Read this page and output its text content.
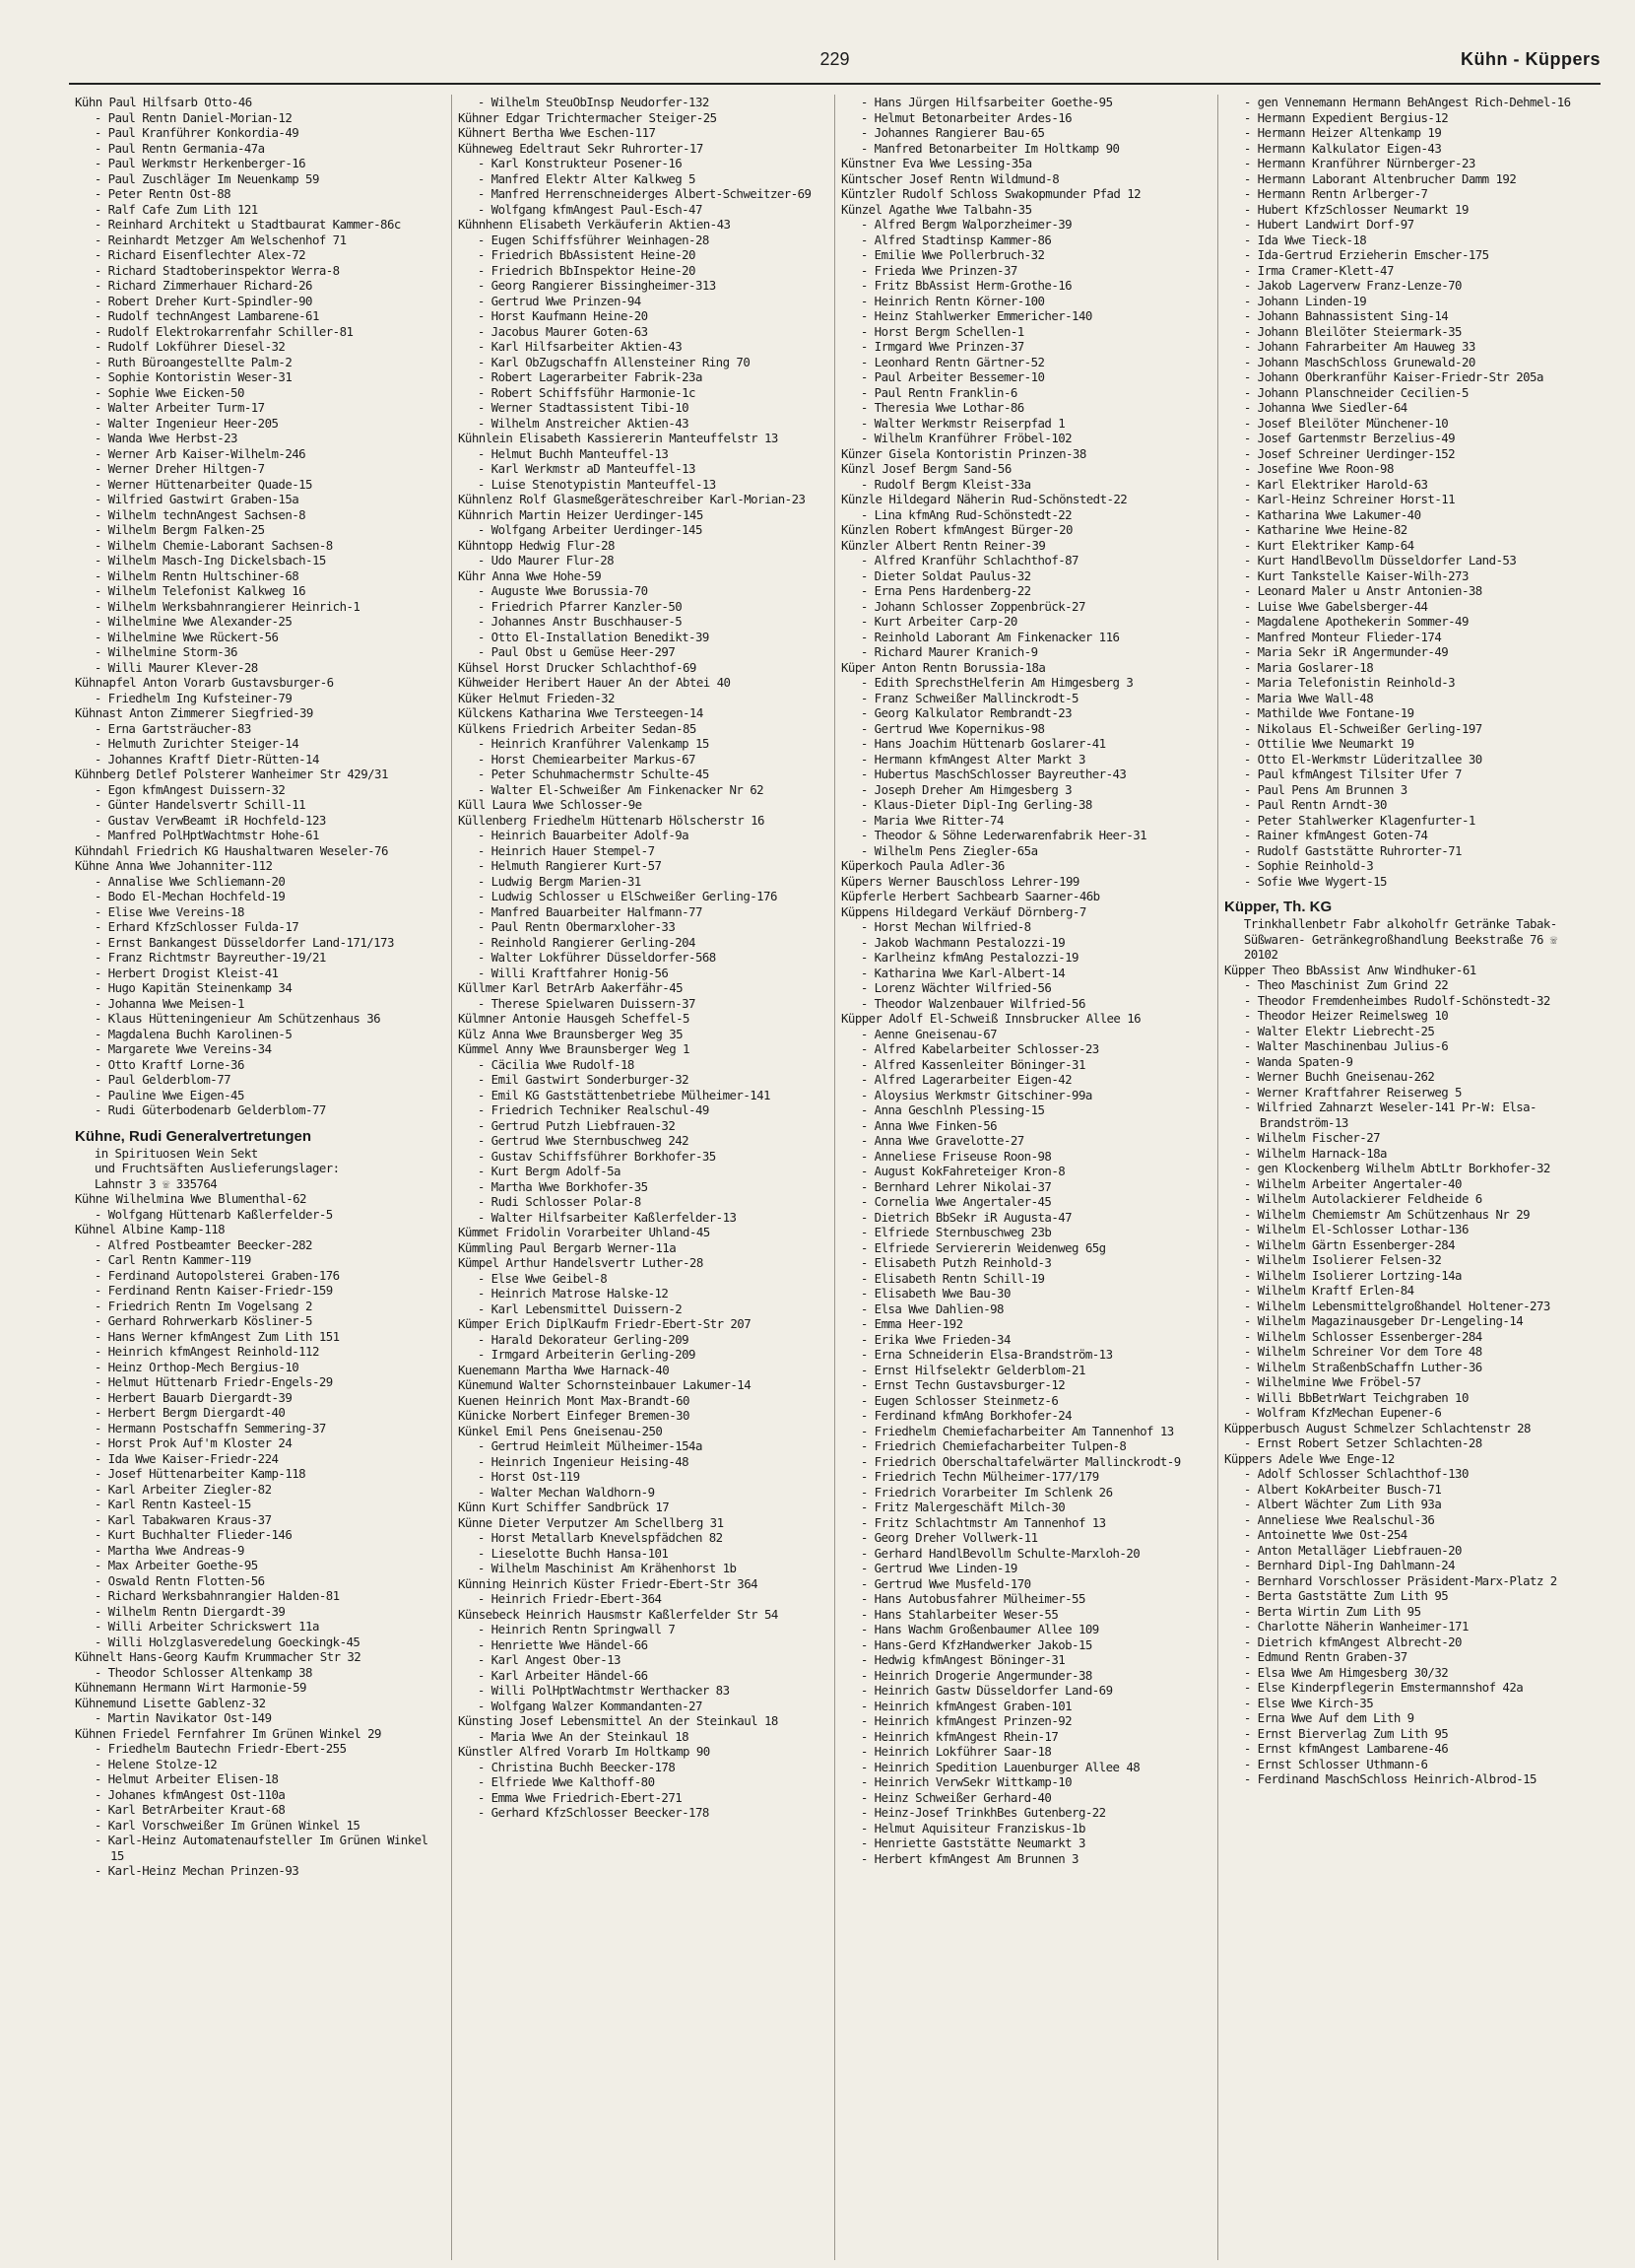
229	Kühn - Küppers
Kühn Paul Hilfsarb Otto-46
- Paul Rentn Daniel-Morian-12
- Paul Kranführer Konkordia-49
- Paul Rentn Germania-47a
- Paul Werkmstr Herkenberger-16
- Paul Zuschläger Im Neuenkamp 59
- Peter Rentn Ost-88
- Ralf Cafe Zum Lith 121
- Reinhard Architekt u Stadtbaurat Kammer-86c
- Reinhardt Metzger Am Welschenhof 71
- Richard Eisenflechter Alex-72
- Richard Stadtoberinspektor Werra-8
- Richard Zimmerhauer Richard-26
- Robert Dreher Kurt-Spindler-90
- Rudolf technAngest Lambarene-61
- Rudolf Elektrokarrenfahr Schiller-81
- Rudolf Lokführer Diesel-32
- Ruth Büroangestellte Palm-2
- Sophie Kontoristin Weser-31
- Sophie Wwe Eicken-50
- Walter Arbeiter Turm-17
- Walter Ingenieur Heer-205
- Wanda Wwe Herbst-23
- Werner Arb Kaiser-Wilhelm-246
- Werner Dreher Hiltgen-7
- Werner Hüttenarbeiter Quade-15
- Wilfried Gastwirt Graben-15a
- Wilhelm technAngest Sachsen-8
- Wilhelm Bergm Falken-25
- Wilhelm Chemie-Laborant Sachsen-8
- Wilhelm Masch-Ing Dickelsbach-15
- Wilhelm Rentn Hultschiner-68
- Wilhelm Telefonist Kalkweg 16
- Wilhelm Werksbahnrangierer Heinrich-1
- Wilhelmine Wwe Alexander-25
- Wilhelmine Wwe Rückert-56
- Wilhelmine Storm-36
- Willi Maurer Klever-28
Kühnapfel Anton Vorarb Gustavsburger-6
- Friedhelm Ing Kufsteiner-79
Kühnast Anton Zimmerer Siegfried-39
- Erna Gartsträucher-83
- Helmuth Zurichter Steiger-14
- Johannes Kraftf Dietr-Rütten-14
Kühnberg Detlef Polsterer Wanheimer Str 429/31
- Egon kfmAngest Duissern-32
- Günter Handelsvertr Schill-11
- Gustav VerwBeamt iR Hochfeld-123
- Manfred PolHptWachtmstr Hohe-61
Kühndahl Friedrich KG Haushaltwaren Weseler-76
Kühne Anna Wwe Johanniter-112
- Annalise Wwe Schliemann-20
- Bodo El-Mechan Hochfeld-19
- Elise Wwe Vereins-18
- Erhard KfzSchlosser Fulda-17
- Ernst Bankangest Düsseldorfer Land-171/173
- Franz Richtmstr Bayreuther-19/21
- Herbert Drogist Kleist-41
- Hugo Kapitän Steinenkamp 34
- Johanna Wwe Meisen-1
- Klaus Hütteningenieur Am Schützenhaus 36
- Magdalena Buchh Karolinen-5
- Margarete Wwe Vereins-34
- Otto Kraftf Lorne-36
- Paul Gelderblom-77
- Pauline Wwe Eigen-45
- Rudi Güterbodenarb Gelderblom-77
Kühne, Rudi Generalvertretungen
in Spirituosen Wein Sekt
und Fruchtsäften Auslieferungslager:
Lahnstr 3 ☏ 335764
Kühne Wilhelmina Wwe Blumenthal-62
- Wolfgang Hüttenarb Kaßlerfelder-5
Kühnel Albine Kamp-118
- Alfred Postbeamter Beecker-282
- Carl Rentn Kammer-119
- Ferdinand Autopolsterei Graben-176
- Ferdinand Rentn Kaiser-Friedr-159
- Friedrich Rentn Im Vogelsang 2
- Gerhard Rohrwerkarb Kösliner-5
- Hans Werner kfmAngest Zum Lith 151
- Heinrich kfmAngest Reinhold-112
- Heinz Orthop-Mech Bergius-10
- Helmut Hüttenarb Friedr-Engels-29
- Herbert Bauarb Diergardt-39
- Herbert Bergm Diergardt-40
- Hermann Postschaffn Semmering-37
- Horst Prok Auf'm Kloster 24
- Ida Wwe Kaiser-Friedr-224
- Josef Hüttenarbeiter Kamp-118
- Karl Arbeiter Ziegler-82
- Karl Rentn Kasteel-15
- Karl Tabakwaren Kraus-37
- Kurt Buchhalter Flieder-146
- Martha Wwe Andreas-9
- Max Arbeiter Goethe-95
- Oswald Rentn Flotten-56
- Richard Werksbahnrangier Halden-81
- Wilhelm Rentn Diergardt-39
- Willi Arbeiter Schrickswert 11a
- Willi Holzglasveredelung Goeckingk-45
Kühnelt Hans-Georg Kaufm Krummacher Str 32
- Theodor Schlosser Altenkamp 38
Kühnemann Hermann Wirt Harmonie-59
Kühnemund Lisette Gablenz-32
- Martin Navikator Ost-149
Kühnen Friedel Fernfahrer Im Grünen Winkel 29
- Friedhelm Bautechn Friedr-Ebert-255
- Helene Stolze-12
- Helmut Arbeiter Elisen-18
- Johanes kfmAngest Ost-110a
- Karl BetrArbeiter Kraut-68
- Karl Vorschweißer Im Grünen Winkel 15
- Karl-Heinz Automatenaufsteller Im Grünen Winkel 15
- Karl-Heinz Mechan Prinzen-93
- Wilhelm SteuObInsp Neudorfer-132
Kühner Edgar Trichtermacher Steiger-25
Kühnert Bertha Wwe Eschen-117
Kühneweg Edeltraut Sekr Ruhrorter-17
- Karl Konstrukteur Posener-16
- Manfred Elektr Alter Kalkweg 5
- Manfred Herrenschneiderges Albert-Schweitzer-69
- Wolfgang kfmAngest Paul-Esch-47
Kühnhenn Elisabeth Verkäuferin Aktien-43
- Eugen Schiffsführer Weinhagen-28
- Friedrich BbAssistent Heine-20
- Friedrich BbInspektor Heine-20
- Georg Rangierer Bissingheimer-313
- Gertrud Wwe Prinzen-94
- Horst Kaufmann Heine-20
- Jacobus Maurer Goten-63
- Karl Hilfsarbeiter Aktien-43
- Karl ObZugschaffn Allensteiner Ring 70
- Robert Lagerarbeiter Fabrik-23a
- Robert Schiffsführ Harmonie-1c
- Werner Stadtassistent Tibi-10
- Wilhelm Anstreicher Aktien-43
Kühnlein Elisabeth Kassiererin Manteuffelstr 13
- Helmut Buchh Manteuffel-13
- Karl Werkmstr aD Manteuffel-13
- Luise Stenotypistin Manteuffel-13
Kühnlenz Rolf Glasmeßgeräteschreiber Karl-Morian-23
Kühnrich Martin Heizer Uerdinger-145
- Wolfgang Arbeiter Uerdinger-145
Kühntopp Hedwig Flur-28
- Udo Maurer Flur-28
Kühr Anna Wwe Hohe-59
- Auguste Wwe Borussia-70
- Friedrich Pfarrer Kanzler-50
- Johannes Anstr Buschhauser-5
- Otto El-Installation Benedikt-39
- Paul Obst u Gemüse Heer-297
Kühsel Horst Drucker Schlachthof-69
Kühweider Heribert Hauer An der Abtei 40
Küker Helmut Frieden-32
Külckens Katharina Wwe Tersteegen-14
Külkens Friedrich Arbeiter Sedan-85
- Heinrich Kranführer Valenkamp 15
- Horst Chemiearbeiter Markus-67
- Peter Schuhmachermstr Schulte-45
- Walter El-Schweißer Am Finkenacker Nr 62
Küll Laura Wwe Schlosser-9e
Küllenberg Friedhelm Hüttenarb Hölscherstr 16
- Heinrich Bauarbeiter Adolf-9a
- Heinrich Hauer Stempel-7
- Helmuth Rangierer Kurt-57
- Ludwig Bergm Marien-31
- Ludwig Schlosser u ElSchweißer Gerling-176
- Manfred Bauarbeiter Halfmann-77
- Paul Rentn Obermarxloher-33
- Reinhold Rangierer Gerling-204
- Walter Lokführer Düsseldorfer-568
- Willi Kraftfahrer Honig-56
Küllmer Karl BetrArb Aakerfähr-45
- Therese Spielwaren Duissern-37
Külmner Antonie Hausgeh Scheffel-5
Külz Anna Wwe Braunsberger Weg 35
Kümmel Anny Wwe Braunsberger Weg 1
- Cäcilia Wwe Rudolf-18
- Emil Gastwirt Sonderburger-32
- Emil KG Gaststättenbetriebe Mülheimer-141
- Friedrich Techniker Realschul-49
- Gertrud Putzh Liebfrauen-32
- Gertrud Wwe Sternbuschweg 242
- Gustav Schiffsführer Borkhofer-35
- Kurt Bergm Adolf-5a
- Martha Wwe Borkhofer-35
- Rudi Schlosser Polar-8
- Walter Hilfsarbeiter Kaßlerfelder-13
Kümmet Fridolin Vorarbeiter Uhland-45
Kümmling Paul Bergarb Werner-11a
Kümpel Arthur Handelsvertr Luther-28
- Else Wwe Geibel-8
- Heinrich Matrose Halske-12
- Karl Lebensmittel Duissern-2
Kümper Erich DiplKaufm Friedr-Ebert-Str 207
- Harald Dekorateur Gerling-209
- Irmgard Arbeiterin Gerling-209
Kuenemann Martha Wwe Harnack-40
Künemund Walter Schornsteinbauer Lakumer-14
Kuenen Heinrich Mont Max-Brandt-60
Künicke Norbert Einfeger Bremen-30
Künkel Emil Pens Gneisenau-250
- Gertrud Heimleit Mülheimer-154a
- Heinrich Ingenieur Heising-48
- Horst Ost-119
- Walter Mechan Waldhorn-9
Künn Kurt Schiffer Sandbrück 17
Künne Dieter Verputzer Am Schellberg 31
- Horst Metallarb Knevelspfädchen 82
- Lieselotte Buchh Hansa-101
- Wilhelm Maschinist Am Krähenhorst 1b
Künning Heinrich Küster Friedr-Ebert-Str 364
- Heinrich Friedr-Ebert-364
Künsebeck Heinrich Hausmstr Kaßlerfelder Str 54
- Heinrich Rentn Springwall 7
- Henriette Wwe Händel-66
- Karl Angest Ober-13
- Karl Arbeiter Händel-66
- Willi PolHptWachtmstr Werthacker 83
- Wolfgang Walzer Kommandanten-27
Künsting Josef Lebensmittel An der Steinkaul 18
- Maria Wwe An der Steinkaul 18
Künstler Alfred Vorarb Im Holtkamp 90
- Christina Buchh Beecker-178
- Elfriede Wwe Kalthoff-80
- Emma Wwe Friedrich-Ebert-271
- Gerhard KfzSchlosser Beecker-178
- Hans Jürgen Hilfsarbeiter Goethe-95
- Helmut Betonarbeiter Ardes-16
- Johannes Rangierer Bau-65
- Manfred Betonarbeiter Im Holtkamp 90
Künstner Eva Wwe Lessing-35a
Küntscher Josef Rentn Wildmund-8
Küntzler Rudolf Schloss Swakopmunder Pfad 12
Künzel Agathe Wwe Talbahn-35
- Alfred Bergm Walporzheimer-39
- Alfred Stadtinsp Kammer-86
- Emilie Wwe Pollerbruch-32
- Frieda Wwe Prinzen-37
- Fritz BbAssist Herm-Grothe-16
- Heinrich Rentn Körner-100
- Heinz Stahlwerker Emmericher-140
- Horst Bergm Schellen-1
- Irmgard Wwe Prinzen-37
- Leonhard Rentn Gärtner-52
- Paul Arbeiter Bessemer-10
- Paul Rentn Franklin-6
- Theresia Wwe Lothar-86
- Walter Werkmstr Reiserpfad 1
- Wilhelm Kranführer Fröbel-102
Künzer Gisela Kontoristin Prinzen-38
Künzl Josef Bergm Sand-56
- Rudolf Bergm Kleist-33a
Künzle Hildegard Näherin Rud-Schönstedt-22
- Lina kfmAng Rud-Schönstedt-22
Künzlen Robert kfmAngest Bürger-20
Künzler Albert Rentn Reiner-39
- Alfred Kranführ Schlachthof-87
- Dieter Soldat Paulus-32
- Erna Pens Hardenberg-22
- Johann Schlosser Zoppenbrück-27
- Kurt Arbeiter Carp-20
- Reinhold Laborant Am Finkenacker 116
- Richard Maurer Kranich-9
Küper Anton Rentn Borussia-18a
- Edith SprechstHelferin Am Himgesberg 3
- Franz Schweißer Mallinckrodt-5
- Georg Kalkulator Rembrandt-23
- Gertrud Wwe Kopernikus-98
- Hans Joachim Hüttenarb Goslarer-41
- Hermann kfmAngest Alter Markt 3
- Hubertus MaschSchlosser Bayreuther-43
- Joseph Dreher Am Himgesberg 3
- Klaus-Dieter Dipl-Ing Gerling-38
- Maria Wwe Ritter-74
- Theodor & Söhne Lederwarenfabrik Heer-31
- Wilhelm Pens Ziegler-65a
Küperkoch Paula Adler-36
Küpers Werner Bauschloss Lehrer-199
Küpferle Herbert Sachbearb Saarner-46b
Küppens Hildegard Verkäuf Dörnberg-7
- Horst Mechan Wilfried-8
- Jakob Wachmann Pestalozzi-19
- Karlheinz kfmAng Pestalozzi-19
- Katharina Wwe Karl-Albert-14
- Lorenz Wächter Wilfried-56
- Theodor Walzenbauer Wilfried-56
Küpper Adolf El-Schweiß Innsbrucker Allee 16
- Aenne Gneisenau-67
- Alfred Kabelarbeiter Schlosser-23
- Alfred Kassenleiter Böninger-31
- Alfred Lagerarbeiter Eigen-42
- Aloysius Werkmstr Gitschiner-99a
- Anna Geschlnh Plessing-15
- Anna Wwe Finken-56
- Anna Wwe Gravelotte-27
- Anneliese Friseuse Roon-98
- August KokFahreteiger Kron-8
- Bernhard Lehrer Nikolai-37
- Cornelia Wwe Angertaler-45
- Dietrich BbSekr iR Augusta-47
- Elfriede Sternbuschweg 23b
- Elfriede Serviererin Weidenweg 65g
- Elisabeth Putzh Reinhold-3
- Elisabeth Rentn Schill-19
- Elisabeth Wwe Bau-30
- Elsa Wwe Dahlien-98
- Emma Heer-192
- Erika Wwe Frieden-34
- Erna Schneiderin Elsa-Brandström-13
- Ernst Hilfselektr Gelderblom-21
- Ernst Techn Gustavsburger-12
- Eugen Schlosser Steinmetz-6
- Ferdinand kfmAng Borkhofer-24
- Friedhelm Chemiefacharbeiter Am Tannenhof 13
- Friedrich Chemiefacharbeiter Tulpen-8
- Friedrich Oberschaltafelwärter Mallinckrodt-9
- Friedrich Techn Mülheimer-177/179
- Friedrich Vorarbeiter Im Schlenk 26
- Fritz Malergeschäft Milch-30
- Fritz Schlachtmstr Am Tannenhof 13
- Georg Dreher Vollwerk-11
- Gerhard HandlBevollm Schulte-Marxloh-20
- Gertrud Wwe Linden-19
- Gertrud Wwe Musfeld-170
- Hans Autobusfahrer Mülheimer-55
- Hans Stahlarbeiter Weser-55
- Hans Wachm Großenbaumer Allee 109
- Hans-Gerd KfzHandwerker Jakob-15
- Hedwig kfmAngest Böninger-31
- Heinrich Drogerie Angermunder-38
- Heinrich Gastw Düsseldorfer Land-69
- Heinrich kfmAngest Graben-101
- Heinrich kfmAngest Prinzen-92
- Heinrich kfmAngest Rhein-17
- Heinrich Lokführer Saar-18
- Heinrich Spedition Lauenburger Allee 48
- Heinrich VerwSekr Wittkamp-10
- Heinz Schweißer Gerhard-40
- Heinz-Josef TrinkhBes Gutenberg-22
- Helmut Aquisiteur Franziskus-1b
- Henriette Gaststätte Neumarkt 3
- Herbert kfmAngest Am Brunnen 3
- gen Vennemann Hermann BehAngest Rich-Dehmel-16
- Hermann Expedient Bergius-12
- Hermann Heizer Altenkamp 19
- Hermann Kalkulator Eigen-43
- Hermann Kranführer Nürnberger-23
- Hermann Laborant Altenbrucher Damm 192
- Hermann Rentn Arlberger-7
- Hubert KfzSchlosser Neumarkt 19
- Hubert Landwirt Dorf-97
- Ida Wwe Tieck-18
- Ida-Gertrud Erzieherin Emscher-175
- Irma Cramer-Klett-47
- Jakob Lagerverw Franz-Lenze-70
- Johann Linden-19
- Johann Bahnassistent Sing-14
- Johann Bleilöter Steiermark-35
- Johann Fahrarbeiter Am Hauweg 33
- Johann MaschSchloss Grunewald-20
- Johann Oberkranführ Kaiser-Friedr-Str 205a
- Johann Planschneider Cecilien-5
- Johanna Wwe Siedler-64
- Josef Bleilöter Münchener-10
- Josef Gartenmstr Berzelius-49
- Josef Schreiner Uerdinger-152
- Josefine Wwe Roon-98
- Karl Elektriker Harold-63
- Karl-Heinz Schreiner Horst-11
- Katharina Wwe Lakumer-40
- Katharine Wwe Heine-82
- Kurt Elektriker Kamp-64
- Kurt HandlBevollm Düsseldorfer Land-53
- Kurt Tankstelle Kaiser-Wilh-273
- Leonard Maler u Anstr Antonien-38
- Luise Wwe Gabelsberger-44
- Magdalene Apothekerin Sommer-49
- Manfred Monteur Flieder-174
- Maria Sekr iR Angermunder-49
- Maria Goslarer-18
- Maria Telefonistin Reinhold-3
- Maria Wwe Wall-48
- Mathilde Wwe Fontane-19
- Nikolaus El-Schweißer Gerling-197
- Ottilie Wwe Neumarkt 19
- Otto El-Werkmstr Lüderitzallee 30
- Paul kfmAngest Tilsiter Ufer 7
- Paul Pens Am Brunnen 3
- Paul Rentn Arndt-30
- Peter Stahlwerker Klagenfurter-1
- Rainer kfmAngest Goten-74
- Rudolf Gaststätte Ruhrorter-71
- Sophie Reinhold-3
- Sofie Wwe Wygert-15
Küpper, Th. KG
Trinkhallenbetr Fabr alkoholfr Getränke Tabak- Süßwaren- Getränkegroßhandlung Beekstraße 76 ☏ 20102
Küpper Theo BbAssist Anw Windhuker-61
- Theo Maschinist Zum Grind 22
- Theodor Fremdenheimbes Rudolf-Schönstedt-32
- Theodor Heizer Reimelsweg 10
- Walter Elektr Liebrecht-25
- Walter Maschinenbau Julius-6
- Wanda Spaten-9
- Werner Buchh Gneisenau-262
- Werner Kraftfahrer Reiserweg 5
- Wilfried Zahnarzt Weseler-141 Pr-W: Elsa-Brandström-13
- Wilhelm Fischer-27
- Wilhelm Harnack-18a
- gen Klockenberg Wilhelm AbtLtr Borkhofer-32
- Wilhelm Arbeiter Angertaler-40
- Wilhelm Autolackierer Feldheide 6
- Wilhelm Chemiemstr Am Schützenhaus Nr 29
- Wilhelm El-Schlosser Lothar-136
- Wilhelm Gärtn Essenberger-284
- Wilhelm Isolierer Felsen-32
- Wilhelm Isolierer Lortzing-14a
- Wilhelm Kraftf Erlen-84
- Wilhelm Lebensmittelgroßhandel Holtener-273
- Wilhelm Magazinausgeber Dr-Lengeling-14
- Wilhelm Schlosser Essenberger-284
- Wilhelm Schreiner Vor dem Tore 48
- Wilhelm StraßenbSchaffn Luther-36
- Wilhelmine Wwe Fröbel-57
- Willi BbBetrWart Teichgraben 10
- Wolfram KfzMechan Eupener-6
Küpperbusch August Schmelzer Schlachtenstr 28
- Ernst Robert Setzer Schlachten-28
Küppers Adele Wwe Enge-12
- Adolf Schlosser Schlachthof-130
- Albert KokArbeiter Busch-71
- Albert Wächter Zum Lith 93a
- Anneliese Wwe Realschul-36
- Antoinette Wwe Ost-254
- Anton Metalläger Liebfrauen-20
- Bernhard Dipl-Ing Dahlmann-24
- Bernhard Vorschlosser Präsident-Marx-Platz 2
- Berta Gaststätte Zum Lith 95
- Berta Wirtin Zum Lith 95
- Charlotte Näherin Wanheimer-171
- Dietrich kfmAngest Albrecht-20
- Edmund Rentn Graben-37
- Elsa Wwe Am Himgesberg 30/32
- Else Kinderpflegerin Emstermannshof 42a
- Else Wwe Kirch-35
- Erna Wwe Auf dem Lith 9
- Ernst Bierverlag Zum Lith 95
- Ernst kfmAngest Lambarene-46
- Ernst Schlosser Uthmann-6
- Ferdinand MaschSchloss Heinrich-Albrod-15
